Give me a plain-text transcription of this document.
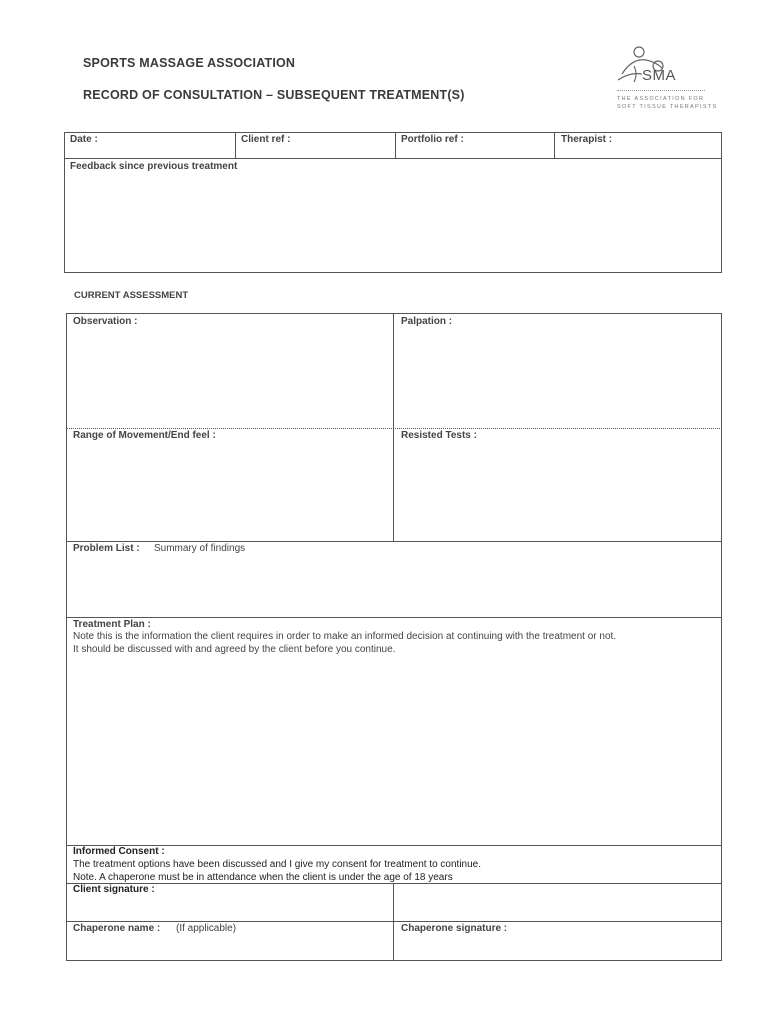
SPORTS MASSAGE ASSOCIATION
RECORD OF CONSULTATION – SUBSEQUENT TREATMENT(S)
SMA
THE ASSOCIATION FOR
SOFT TISSUE THERAPISTS
Date :	Client ref :	Portfolio ref :	Therapist :
Feedback since previous treatment
CURRENT ASSESSMENT
Observation :	Palpation :
Range of Movement/End feel :	Resisted Tests :
Problem List : Summary of findings
Treatment Plan :
Note this is the information the client requires in order to make an informed decision at continuing with the treatment or not.
It should be discussed with and agreed by the client before you continue.
Informed Consent :
The treatment options have been discussed and I give my consent for treatment to continue.
Note. A chaperone must be in attendance when the client is under the age of 18 years
Client signature :
Chaperone name : (If applicable)	Chaperone signature :
